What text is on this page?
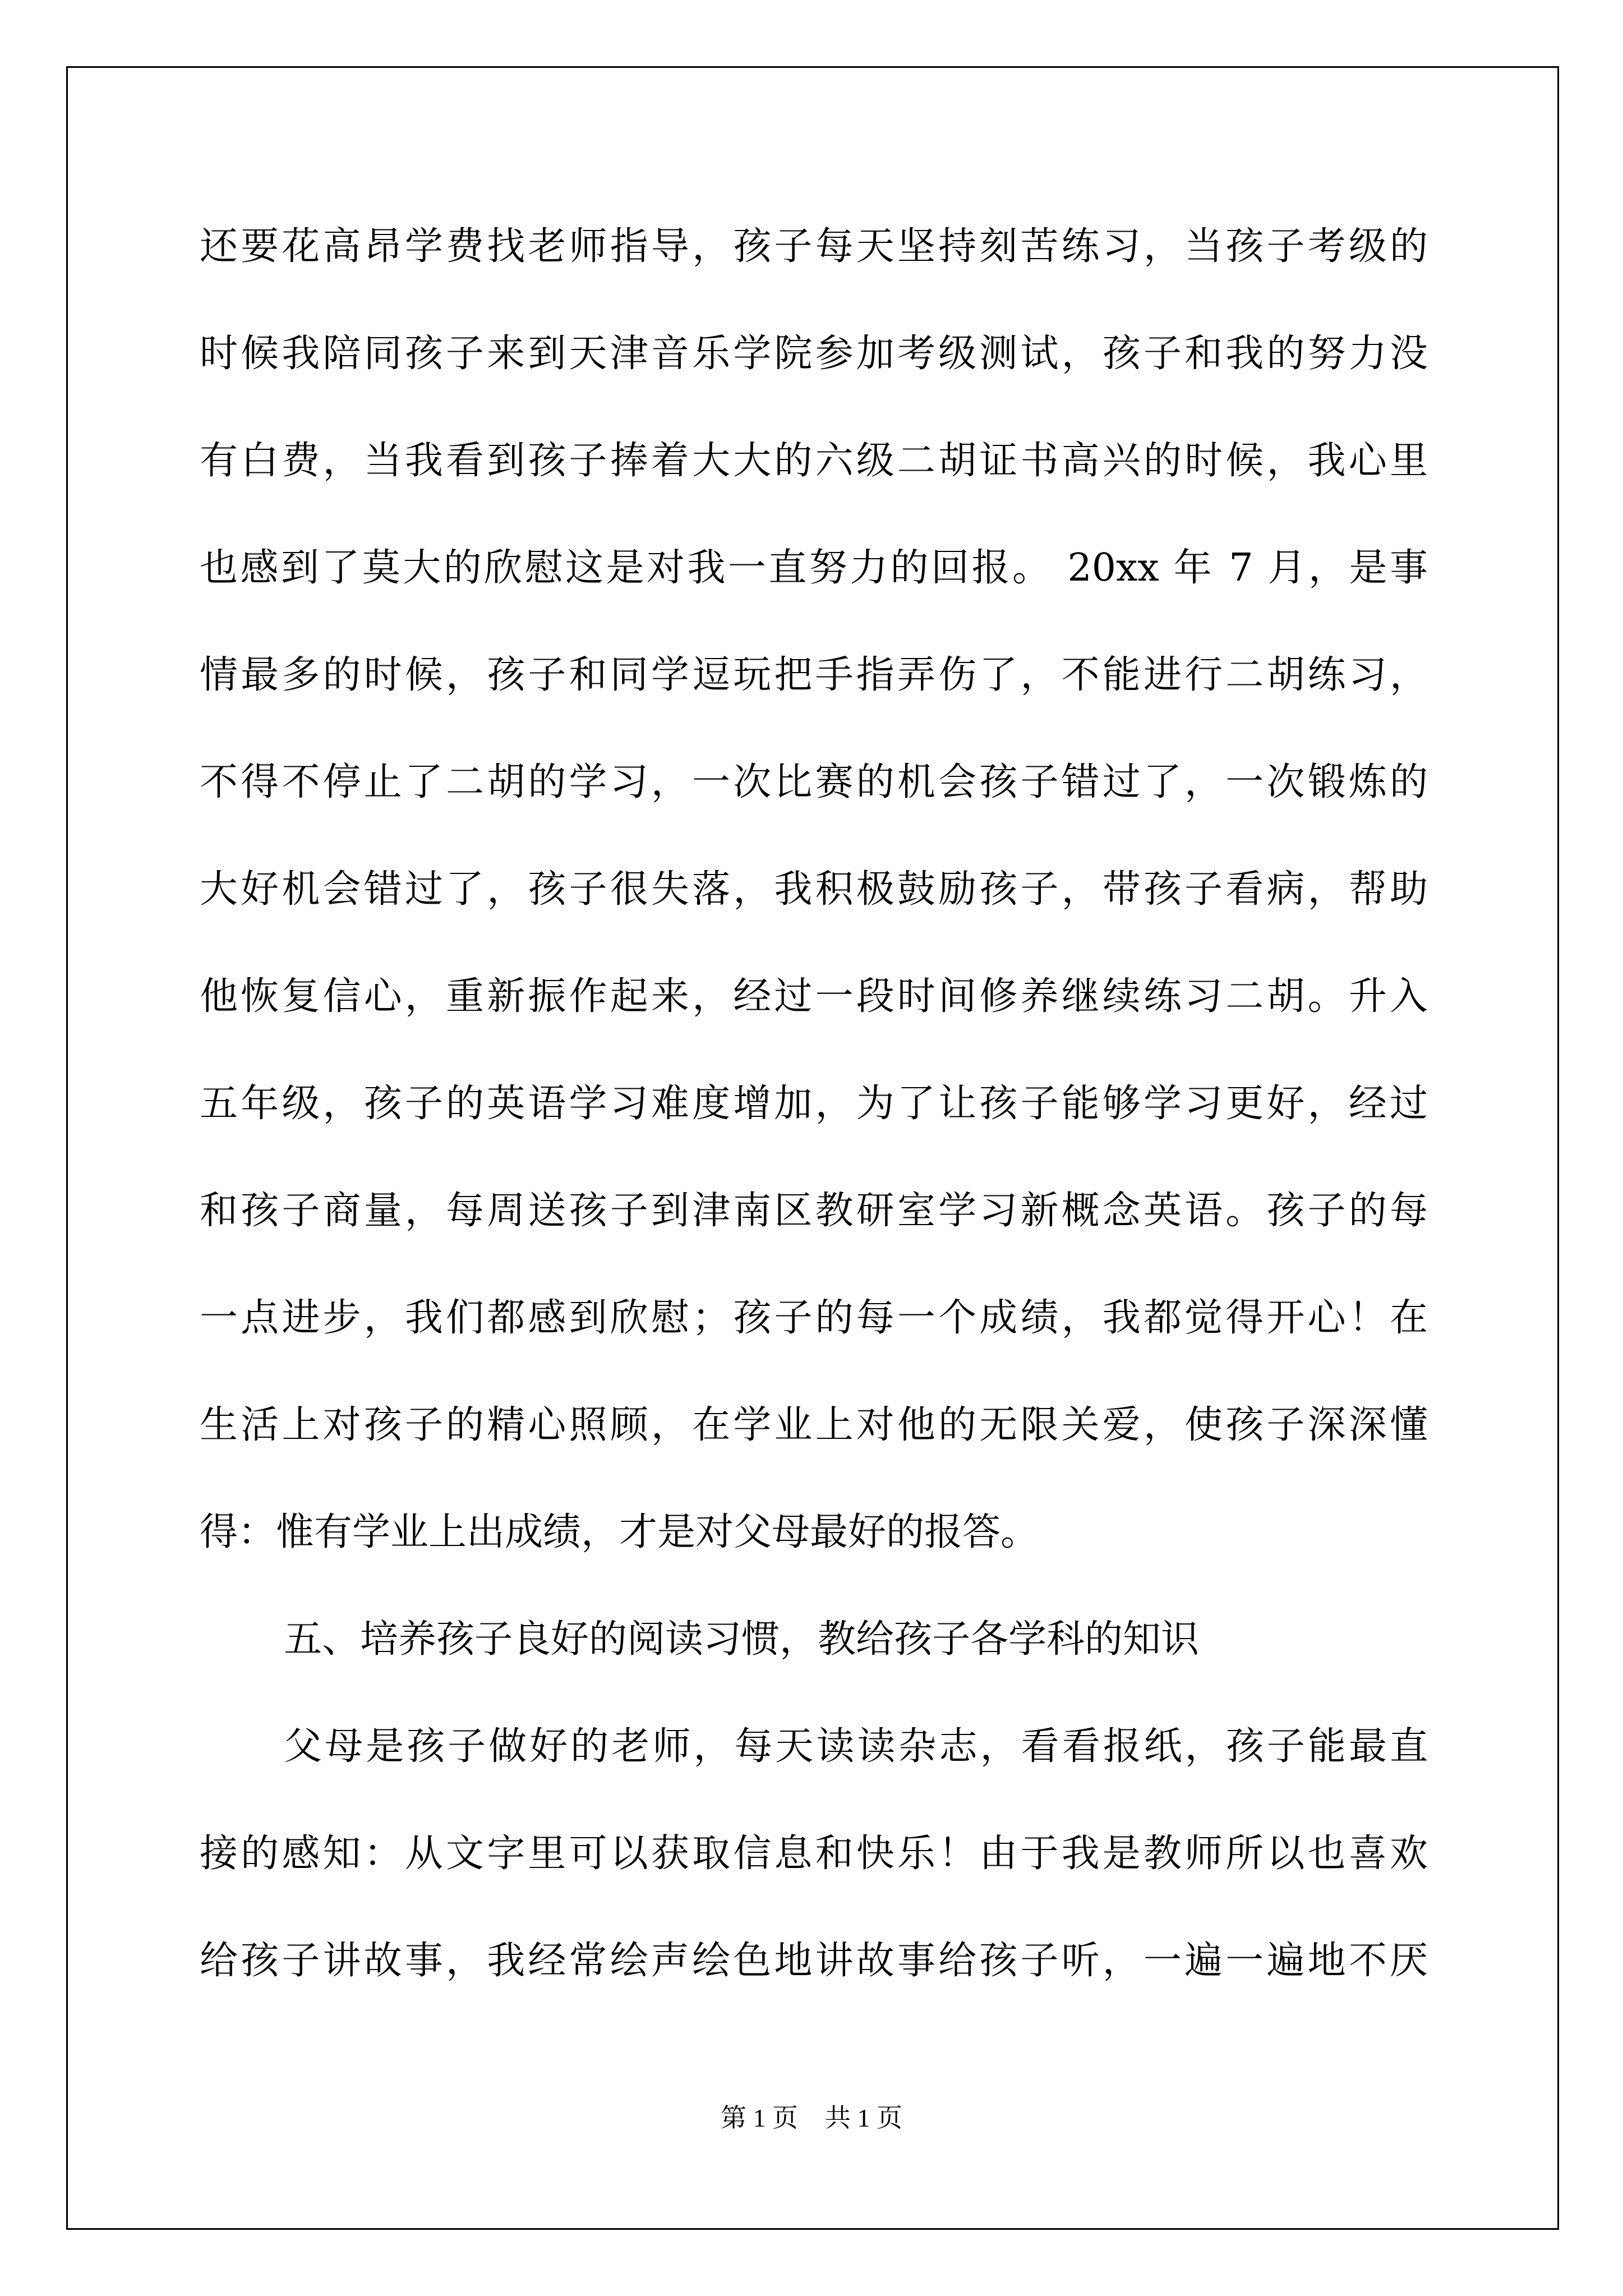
还要花高昂学费找老师指导，孩子每天坚持刻苦练习，当孩子考级的
时候我陪同孩子来到天津音乐学院参加考级测试，孩子和我的努力没
有白费，当我看到孩子捧着大大的六级二胡证书高兴的时候，我心里
也感到了莫大的欣慰这是对我一直努力的回报。 20xx 年 7 月，是事
情最多的时候，孩子和同学逗玩把手指弄伤了，不能进行二胡练习，
不得不停止了二胡的学习，一次比赛的机会孩子错过了，一次锻炼的
大好机会错过了，孩子很失落，我积极鼓励孩子，带孩子看病，帮助
他恢复信心，重新振作起来，经过一段时间修养继续练习二胡。升入
五年级，孩子的英语学习难度增加，为了让孩子能够学习更好，经过
和孩子商量，每周送孩子到津南区教研室学习新概念英语。孩子的每
一点进步，我们都感到欣慰；孩子的每一个成绩，我都觉得开心！在
生活上对孩子的精心照顾，在学业上对他的无限关爱，使孩子深深懂
得：惟有学业上出成绩，才是对父母最好的报答。
五、培养孩子良好的阅读习惯，教给孩子各学科的知识
父母是孩子做好的老师，每天读读杂志，看看报纸，孩子能最直
接的感知：从文字里可以获取信息和快乐！由于我是教师所以也喜欢
给孩子讲故事，我经常绘声绘色地讲故事给孩子听，一遍一遍地不厌
第 1 页 共 1 页
